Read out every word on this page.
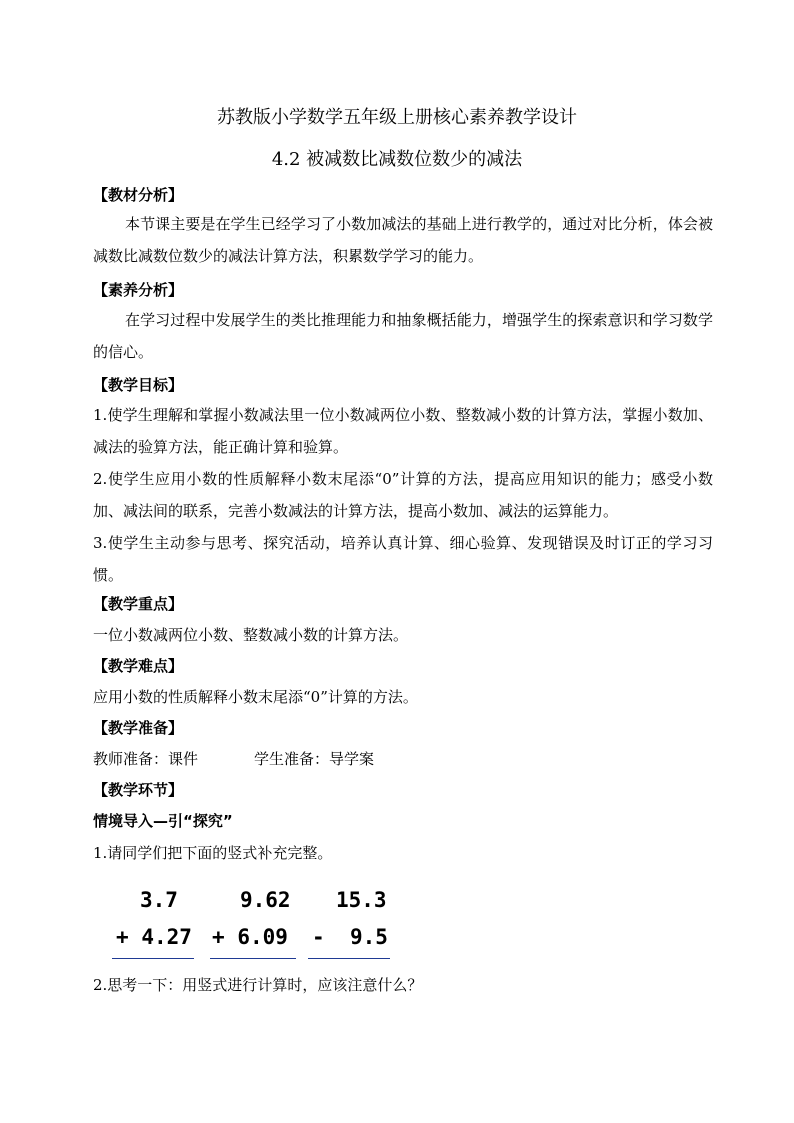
苏教版小学数学五年级上册核心素养教学设计
4.2 被减数比减数位数少的减法
【教材分析】

本节课主要是在学生已经学习了小数加减法的基础上进行教学的，通过对比分析，体会被减数比减数位数少的减法计算方法，积累数学学习的能力。

【素养分析】

在学习过程中发展学生的类比推理能力和抽象概括能力，增强学生的探索意识和学习数学的信心。

【教学目标】

1.使学生理解和掌握小数减法里一位小数减两位小数、整数减小数的计算方法，掌握小数加、减法的验算方法，能正确计算和验算。

2.使学生应用小数的性质解释小数末尾添“0”计算的方法，提高应用知识的能力；感受小数加、减法间的联系，完善小数减法的计算方法，提高小数加、减法的运算能力。

3.使学生主动参与思考、探究活动，培养认真计算、细心验算、发现错误及时订正的学习习惯。

【教学重点】
一位小数减两位小数、整数减小数的计算方法。
【教学难点】
应用小数的性质解释小数末尾添“0”计算的方法。
【教学准备】
教师准备：课件	学生准备：导学案
【教学环节】
情境导入—引“探究”
1.请同学们把下面的竖式补充完整。
3.7
+ 4.27
9.62
+ 6.09
15.3
- 9.5
2.思考一下：用竖式进行计算时，应该注意什么？
